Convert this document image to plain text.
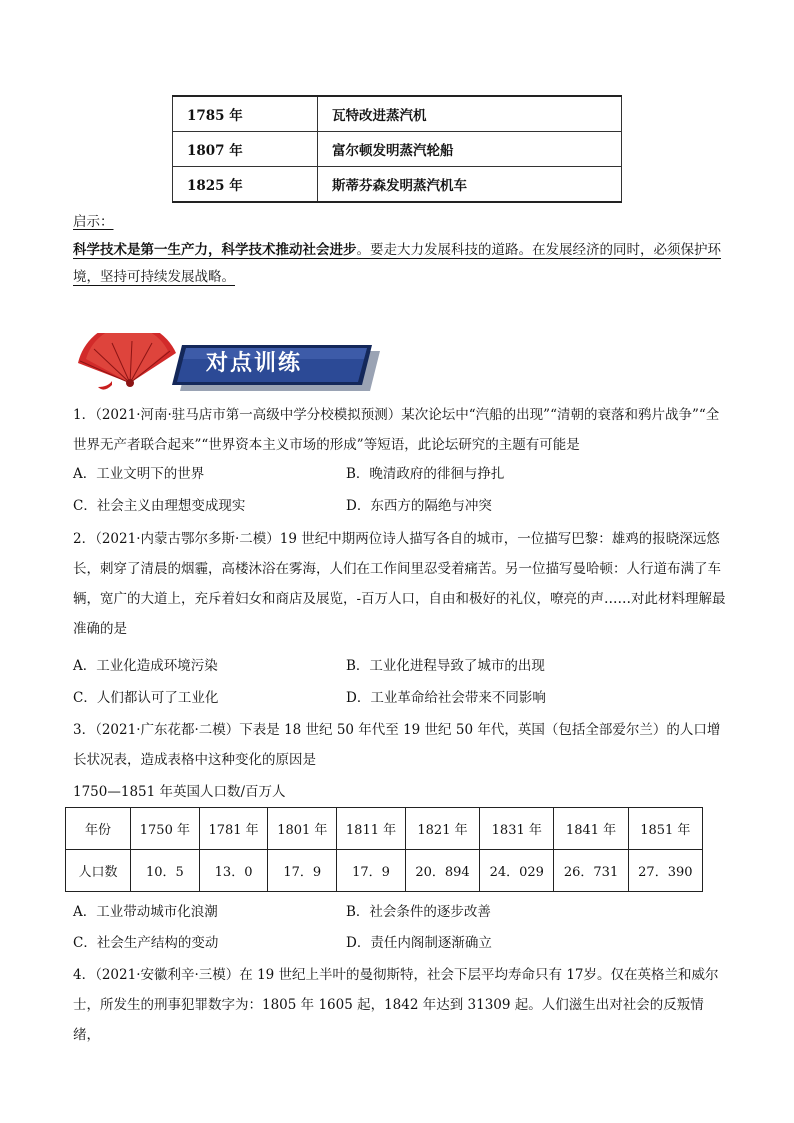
1785 年	瓦特改进蒸汽机
1807 年	富尔顿发明蒸汽轮船
1825 年	斯蒂芬森发明蒸汽机车
启示：
科学技术是第一生产力，科学技术推动社会进步。要走大力发展科技的道路。在发展经济的同时，必须保护环境，坚持可持续发展战略。
对点训练
1．（2021·河南·驻马店市第一高级中学分校模拟预测）某次论坛中“汽船的出现”“清朝的衰落和鸦片战争”“全世界无产者联合起来”“世界资本主义市场的形成”等短语，此论坛研究的主题有可能是
A．工业文明下的世界	B．晚清政府的徘徊与挣扎
C．社会主义由理想变成现实	D．东西方的隔绝与冲突
2．（2021·内蒙古鄂尔多斯·二模）19 世纪中期两位诗人描写各自的城市，一位描写巴黎：雄鸡的报晓深远悠长，刺穿了清晨的烟霾，高楼沐浴在雾海，人们在工作间里忍受着痛苦。另一位描写曼哈顿：人行道布满了车辆，宽广的大道上，充斥着妇女和商店及展览，-百万人口，自由和极好的礼仪，嘹亮的声……对此材料理解最准确的是
A．工业化造成环境污染	B．工业化进程导致了城市的出现
C．人们都认可了工业化	D．工业革命给社会带来不同影响
3．（2021·广东花都·二模）下表是 18 世纪 50 年代至 19 世纪 50 年代，英国（包括全部爱尔兰）的人口增长状况表，造成表格中这种变化的原因是
1750—1851 年英国人口数/百万人
年份	1750 年	1781 年	1801 年	1811 年	1821 年	1831 年	1841 年	1851 年
人口数	10．5	13．0	17．9	17．9	20．894	24．029	26．731	27．390
A．工业带动城市化浪潮	B．社会条件的逐步改善
C．社会生产结构的变动	D．责任内阁制逐渐确立
4．（2021·安徽利辛·三模）在 19 世纪上半叶的曼彻斯特，社会下层平均寿命只有 17岁。仅在英格兰和威尔士，所发生的刑事犯罪数字为：1805 年 1605 起，1842 年达到 31309 起。人们滋生出对社会的反叛情绪，
